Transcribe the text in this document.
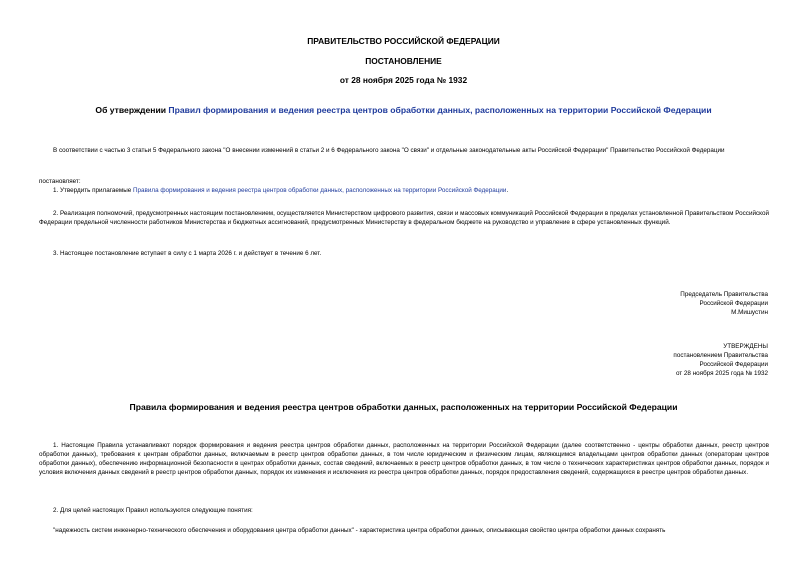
ПРАВИТЕЛЬСТВО РОССИЙСКОЙ ФЕДЕРАЦИИ
ПОСТАНОВЛЕНИЕ
от 28 ноября 2025 года № 1932
Об утверждении Правил формирования и ведения реестра центров обработки данных, расположенных на территории Российской Федерации
В соответствии с частью 3 статьи 5 Федерального закона "О внесении изменений в статьи 2 и 6 Федерального закона "О связи" и отдельные законодательные акты Российской Федерации" Правительство Российской Федерации
постановляет:
1. Утвердить прилагаемые Правила формирования и ведения реестра центров обработки данных, расположенных на территории Российской Федерации.
2. Реализация полномочий, предусмотренных настоящим постановлением, осуществляется Министерством цифрового развития, связи и массовых коммуникаций Российской Федерации в пределах установленной Правительством Российской Федерации предельной численности работников Министерства и бюджетных ассигнований, предусмотренных Министерству в федеральном бюджете на руководство и управление в сфере установленных функций.
3. Настоящее постановление вступает в силу с 1 марта 2026 г. и действует в течение 6 лет.
Председатель Правительства
Российской Федерации
М.Мишустин
УТВЕРЖДЕНЫ
постановлением Правительства
Российской Федерации
от 28 ноября 2025 года № 1932
Правила формирования и ведения реестра центров обработки данных, расположенных на территории Российской Федерации
1. Настоящие Правила устанавливают порядок формирования и ведения реестра центров обработки данных, расположенных на территории Российской Федерации (далее соответственно - центры обработки данных, реестр центров обработки данных), требования к центрам обработки данных, включаемым в реестр центров обработки данных, в том числе юридическим и физическим лицам, являющимся владельцами центров обработки данных (операторам центров обработки данных), обеспечению информационной безопасности в центрах обработки данных, состав сведений, включаемых в реестр центров обработки данных, в том числе о технических характеристиках центров обработки данных, порядок и условия включения данных сведений в реестр центров обработки данных, порядок их изменения и исключения из реестра центров обработки данных, порядок предоставления сведений, содержащихся в реестре центров обработки данных.
2. Для целей настоящих Правил используются следующие понятия:
"надежность систем инженерно-технического обеспечения и оборудования центра обработки данных" - характеристика центра обработки данных, описывающая свойство центра обработки данных сохранять
